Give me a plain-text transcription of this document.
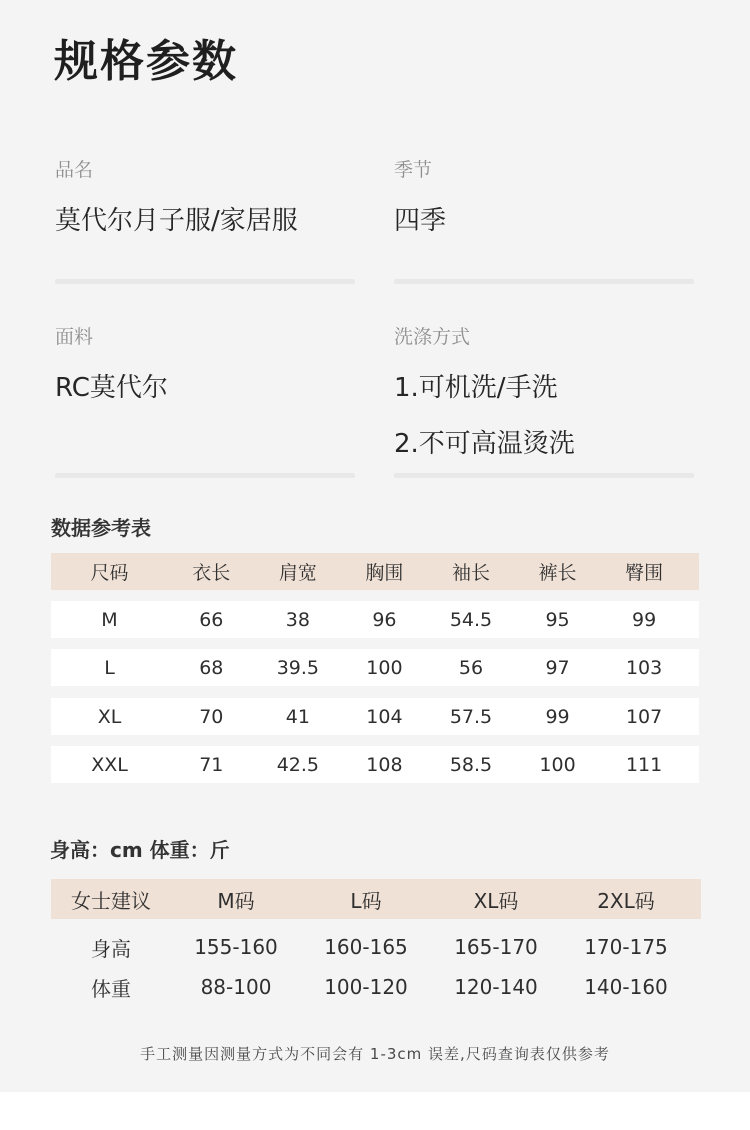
规格参数
品名
莫代尔月子服/家居服
季节
四季
面料
RC莫代尔
洗涤方式
1.可机洗/手洗
2.不可高温烫洗
数据参考表
尺码	衣长	肩宽	胸围	袖长	裤长	臀围
M	66	38	96	54.5	95	99
L	68	39.5	100	56	97	103
XL	70	41	104	57.5	99	107
XXL	71	42.5	108	58.5	100	111
身高：cm 体重：斤
女士建议	M码	L码	XL码	2XL码
身高	155-160	160-165	165-170	170-175
体重	88-100	100-120	120-140	140-160
手工测量因测量方式为不同会有 1-3cm 误差,尺码查询表仅供参考
